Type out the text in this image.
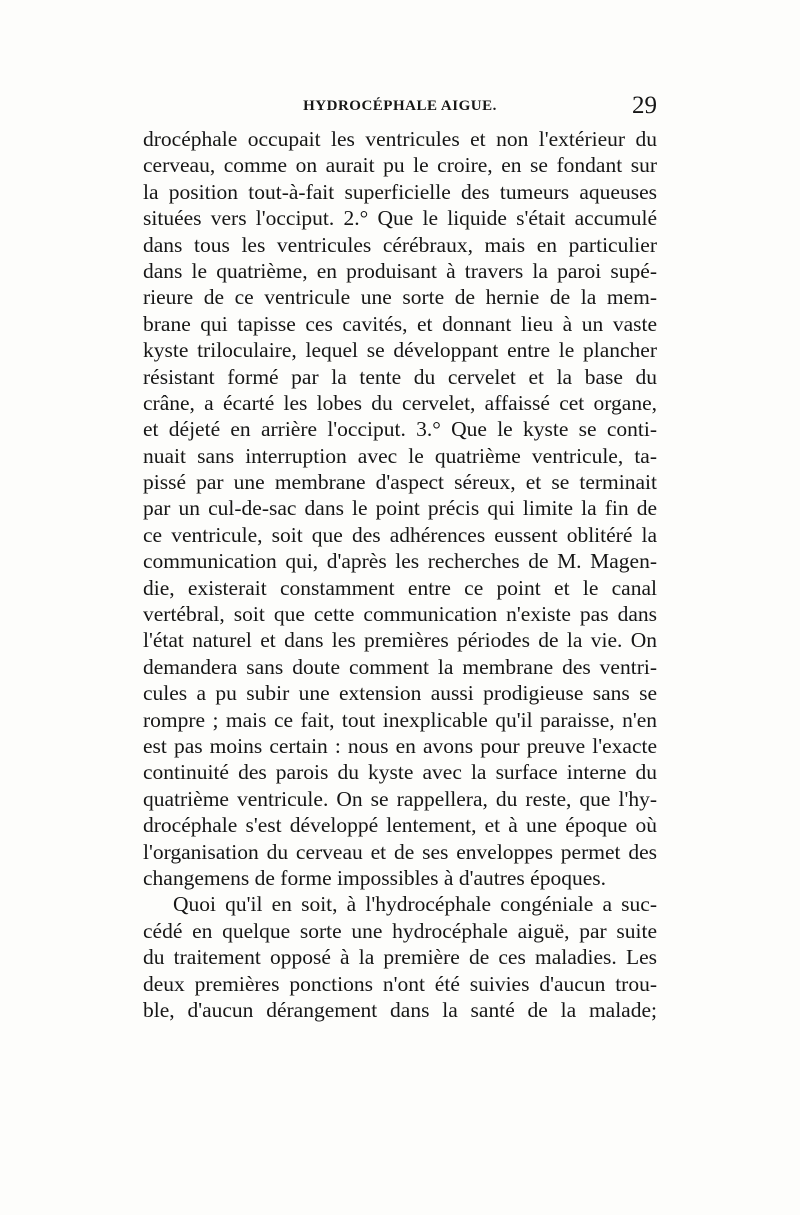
HYDROCÉPHALE AIGUE.	29
drocéphale occupait les ventricules et non l'extérieur du
cerveau, comme on aurait pu le croire, en se fondant sur
la position tout-à-fait superficielle des tumeurs aqueuses
situées vers l'occiput. 2.° Que le liquide s'était accumulé
dans tous les ventricules cérébraux, mais en particulier
dans le quatrième, en produisant à travers la paroi supé-
rieure de ce ventricule une sorte de hernie de la mem-
brane qui tapisse ces cavités, et donnant lieu à un vaste
kyste triloculaire, lequel se développant entre le plancher
résistant formé par la tente du cervelet et la base du
crâne, a écarté les lobes du cervelet, affaissé cet organe,
et déjeté en arrière l'occiput. 3.° Que le kyste se conti-
nuait sans interruption avec le quatrième ventricule, ta-
pissé par une membrane d'aspect séreux, et se terminait
par un cul-de-sac dans le point précis qui limite la fin de
ce ventricule, soit que des adhérences eussent oblitéré la
communication qui, d'après les recherches de M. Magen-
die, existerait constamment entre ce point et le canal
vertébral, soit que cette communication n'existe pas dans
l'état naturel et dans les premières périodes de la vie. On
demandera sans doute comment la membrane des ventri-
cules a pu subir une extension aussi prodigieuse sans se
rompre ; mais ce fait, tout inexplicable qu'il paraisse, n'en
est pas moins certain : nous en avons pour preuve l'exacte
continuité des parois du kyste avec la surface interne du
quatrième ventricule. On se rappellera, du reste, que l'hy-
drocéphale s'est développé lentement, et à une époque où
l'organisation du cerveau et de ses enveloppes permet des
changemens de forme impossibles à d'autres époques.
Quoi qu'il en soit, à l'hydrocéphale congéniale a suc-
cédé en quelque sorte une hydrocéphale aiguë, par suite
du traitement opposé à la première de ces maladies. Les
deux premières ponctions n'ont été suivies d'aucun trou-
ble, d'aucun dérangement dans la santé de la malade;
